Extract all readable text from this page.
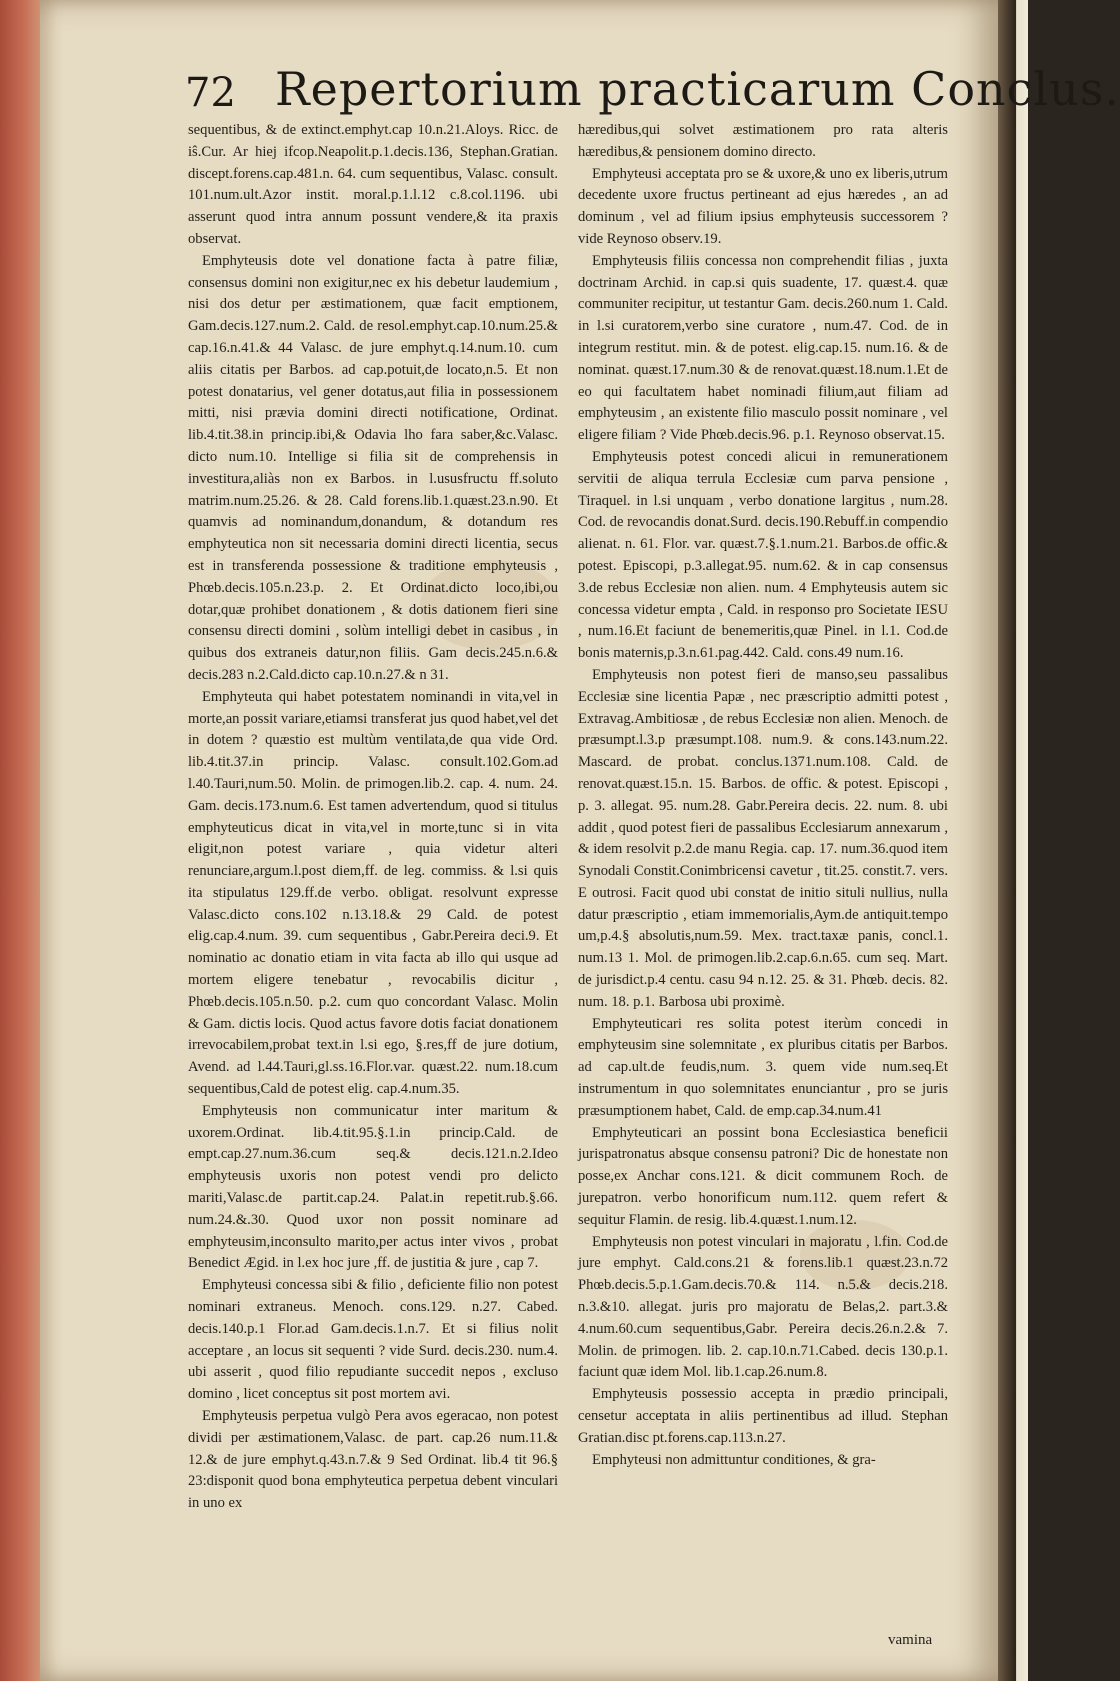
72 Repertorium practicarum Conclus.

sequentibus, & de extinct.emphyt.cap 10.n.21.Aloys. Ricc. de iŝ.Cur. Ar hiej ifcop.Neapolit.p.1.decis.136, Stephan.Gratian. discept.forens.cap.481.n. 64. cum sequentibus, Valasc. consult. 101.num.ult.Azor instit. moral.p.1.l.12 c.8.col.1196. ubi asserunt quod intra annum possunt vendere,& ita praxis observat.

Emphyteusis dote vel donatione facta à patre filiæ, consensus domini non exigitur,nec ex his debetur laudemium , nisi dos detur per æstimationem, quæ facit emptionem, Gam.decis.127.num.2. Cald. de resol.emphyt.cap.10.num.25.& cap.16.n.41.& 44 Valasc. de jure emphyt.q.14.num.10. cum aliis citatis per Barbos. ad cap.potuit,de locato,n.5. Et non potest donatarius, vel gener dotatus,aut filia in possessionem mitti, nisi prævia domini directi notificatione, Ordinat. lib.4.tit.38.in princip.ibi,& Odavia lho fara saber,&c.Valasc. dicto num.10. Intellige si filia sit de comprehensis in investitura,aliàs non ex Barbos. in l.ususfructu ff.soluto matrim.num.25.26. & 28. Cald forens.lib.1.quæst.23.n.90. Et quamvis ad nominandum,donandum, & dotandum res emphyteutica non sit necessaria domini directi licentia, secus est in transferenda possessione & traditione emphyteusis , Phœb.decis.105.n.23.p. 2. Et Ordinat.dicto loco,ibi,ou dotar,quæ prohibet donationem , & dotis dationem fieri sine consensu directi domini , solùm intelligi debet in casibus , in quibus dos extraneis datur,non filiis. Gam decis.245.n.6.& decis.283 n.2.Cald.dicto cap.10.n.27.& n 31.

Emphyteuta qui habet potestatem nominandi in vita,vel in morte,an possit variare,etiamsi transferat jus quod habet,vel det in dotem ? quæstio est multùm ventilata,de qua vide Ord. lib.4.tit.37.in princip. Valasc. consult.102.Gom.ad l.40.Tauri,num.50. Molin. de primogen.lib.2. cap. 4. num. 24. Gam. decis.173.num.6. Est tamen advertendum, quod si titulus emphyteuticus dicat in vita,vel in morte,tunc si in vita eligit,non potest variare , quia videtur alteri renunciare,argum.l.post diem,ff. de leg. commiss. & l.si quis ita stipulatus 129.ff.de verbo. obligat. resolvunt expresse Valasc.dicto cons.102 n.13.18.& 29 Cald. de potest elig.cap.4.num. 39. cum sequentibus , Gabr.Pereira deci.9. Et nominatio ac donatio etiam in vita facta ab illo qui usque ad mortem eligere tenebatur , revocabilis dicitur , Phœb.decis.105.n.50. p.2. cum quo concordant Valasc. Molin & Gam. dictis locis. Quod actus favore dotis faciat donationem irrevocabilem,probat text.in l.si ego, §.res,ff de jure dotium, Avend. ad l.44.Tauri,gl.ss.16.Flor.var. quæst.22. num.18.cum sequentibus,Cald de potest elig. cap.4.num.35.

Emphyteusis non communicatur inter maritum & uxorem.Ordinat. lib.4.tit.95.§.1.in princip.Cald. de empt.cap.27.num.36.cum seq.& decis.121.n.2.Ideo emphyteusis uxoris non potest vendi pro delicto mariti,Valasc.de partit.cap.24. Palat.in repetit.rub.§.66. num.24.&.30. Quod uxor non possit nominare ad emphyteusim,inconsulto marito,per actus inter vivos , probat Benedict Ægid. in l.ex hoc jure ,ff. de justitia & jure , cap 7.

Emphyteusi concessa sibi & filio , deficiente filio non potest nominari extraneus. Menoch. cons.129. n.27. Cabed. decis.140.p.1 Flor.ad Gam.decis.1.n.7. Et si filius nolit acceptare , an locus sit sequenti ? vide Surd. decis.230. num.4. ubi asserit , quod filio repudiante succedit nepos , excluso domino , licet conceptus sit post mortem avi.

Emphyteusis perpetua vulgò Pera avos egeracao, non potest dividi per æstimationem,Valasc. de part. cap.26 num.11.& 12.& de jure emphyt.q.43.n.7.& 9 Sed Ordinat. lib.4 tit 96.§ 23:disponit quod bona emphyteutica perpetua debent vinculari in uno ex

hæredibus,qui solvet æstimationem pro rata alteris hæredibus,& pensionem domino directo.

Emphyteusi acceptata pro se & uxore,& uno ex liberis,utrum decedente uxore fructus pertineant ad ejus hæredes , an ad dominum , vel ad filium ipsius emphyteusis successorem ? vide Reynoso observ.19.

Emphyteusis filiis concessa non comprehendit filias , juxta doctrinam Archid. in cap.si quis suadente, 17. quæst.4. quæ communiter recipitur, ut testantur Gam. decis.260.num 1. Cald. in l.si curatorem,verbo sine curatore , num.47. Cod. de in integrum restitut. min. & de potest. elig.cap.15. num.16. & de nominat. quæst.17.num.30 & de renovat.quæst.18.num.1.Et de eo qui facultatem habet nominadi filium,aut filiam ad emphyteusim , an existente filio masculo possit nominare , vel eligere filiam ? Vide Phœb.decis.96. p.1. Reynoso observat.15.

Emphyteusis potest concedi alicui in remunerationem servitii de aliqua terrula Ecclesiæ cum parva pensione , Tiraquel. in l.si unquam , verbo donatione largitus , num.28. Cod. de revocandis donat.Surd. decis.190.Rebuff.in compendio alienat. n. 61. Flor. var. quæst.7.§.1.num.21. Barbos.de offic.& potest. Episcopi, p.3.allegat.95. num.62. & in cap consensus 3.de rebus Ecclesiæ non alien. num. 4 Emphyteusis autem sic concessa videtur empta , Cald. in responso pro Societate IESU , num.16.Et faciunt de benemeritis,quæ Pinel. in l.1. Cod.de bonis maternis,p.3.n.61.pag.442. Cald. cons.49 num.16.

Emphyteusis non potest fieri de manso,seu passalibus Ecclesiæ sine licentia Papæ , nec præscriptio admitti potest , Extravag.Ambitiosæ , de rebus Ecclesiæ non alien. Menoch. de præsumpt.l.3.p præsumpt.108. num.9. & cons.143.num.22. Mascard. de probat. conclus.1371.num.108. Cald. de renovat.quæst.15.n. 15. Barbos. de offic. & potest. Episcopi , p. 3. allegat. 95. num.28. Gabr.Pereira decis. 22. num. 8. ubi addit , quod potest fieri de passalibus Ecclesiarum annexarum , & idem resolvit p.2.de manu Regia. cap. 17. num.36.quod item Synodali Constit.Conimbricensi cavetur , tit.25. constit.7. vers. E outrosi. Facit quod ubi constat de initio situli nullius, nulla datur præscriptio , etiam immemorialis,Aym.de antiquit.tempo um,p.4.§ absolutis,num.59. Mex. tract.taxæ panis, concl.1. num.13 1. Mol. de primogen.lib.2.cap.6.n.65. cum seq. Mart. de jurisdict.p.4 centu. casu 94 n.12. 25. & 31. Phœb. decis. 82. num. 18. p.1. Barbosa ubi proximè.

Emphyteuticari res solita potest iterùm concedi in emphyteusim sine solemnitate , ex pluribus citatis per Barbos. ad cap.ult.de feudis,num. 3. quem vide num.seq.Et instrumentum in quo solemnitates enunciantur , pro se juris præsumptionem habet, Cald. de emp.cap.34.num.41

Emphyteuticari an possint bona Ecclesiastica beneficii jurispatronatus absque consensu patroni? Dic de honestate non posse,ex Anchar cons.121. & dicit communem Roch. de jurepatron. verbo honorificum num.112. quem refert & sequitur Flamin. de resig. lib.4.quæst.1.num.12.

Emphyteusis non potest vinculari in majoratu , l.fin. Cod.de jure emphyt. Cald.cons.21 & forens.lib.1 quæst.23.n.72 Phœb.decis.5.p.1.Gam.decis.70.& 114. n.5.& decis.218. n.3.&10. allegat. juris pro majoratu de Belas,2. part.3.& 4.num.60.cum sequentibus,Gabr. Pereira decis.26.n.2.& 7. Molin. de primogen. lib. 2. cap.10.n.71.Cabed. decis 130.p.1. faciunt quæ idem Mol. lib.1.cap.26.num.8.

Emphyteusis possessio accepta in prædio principali, censetur acceptata in aliis pertinentibus ad illud. Stephan Gratian.disc pt.forens.cap.113.n.27.

Emphyteusi non admittuntur conditiones, & gra-

vamina
